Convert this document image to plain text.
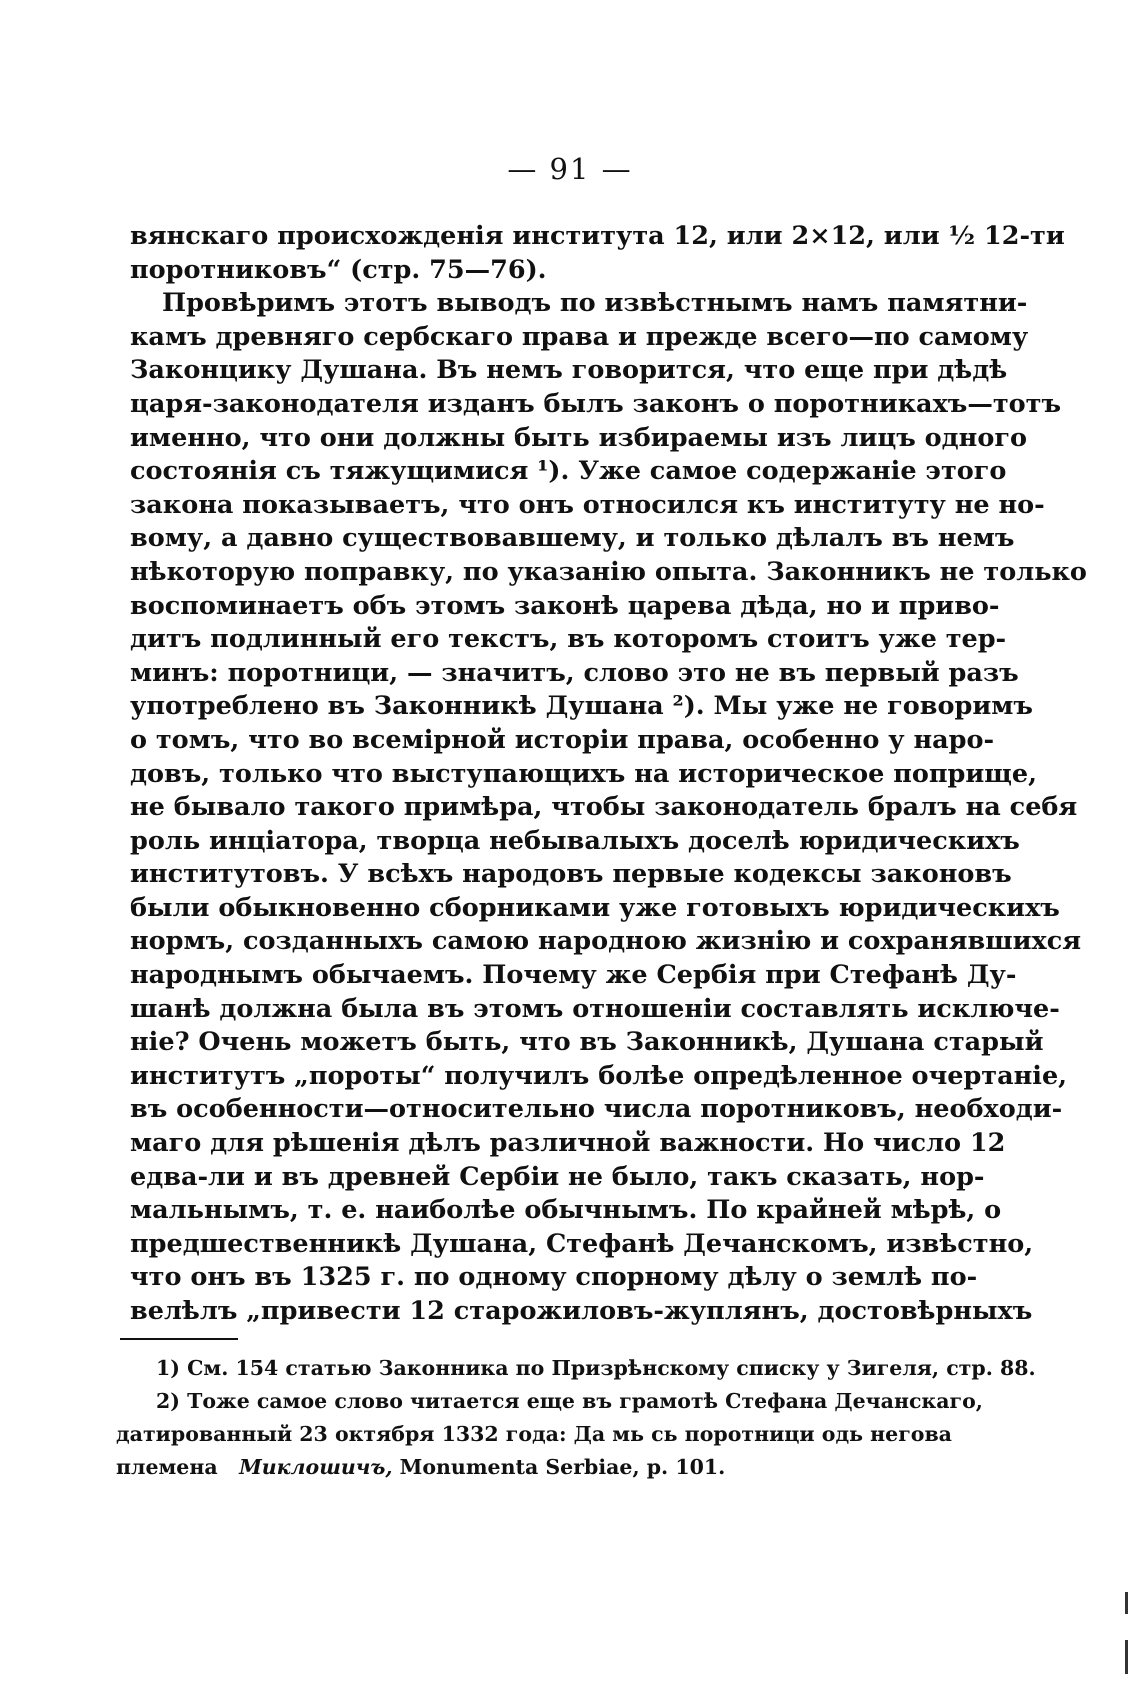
— 91 —
вянскаго происхожденія института 12, или 2×12, или ½ 12-ти
поротниковъ“ (стр. 75—76).
Провѣримъ этотъ выводъ по извѣстнымъ намъ памятни-
камъ древняго сербскаго права и прежде всего—по самому
Законцику Душана. Въ немъ говорится, что еще при дѣдѣ
царя-законодателя изданъ былъ законъ о поротникахъ—тотъ
именно, что они должны быть избираемы изъ лицъ одного
состоянія съ тяжущимися ¹). Уже самое содержаніе этого
закона показываетъ, что онъ относился къ институту не но-
вому, а давно существовавшему, и только дѣлалъ въ немъ
нѣкоторую поправку, по указанію опыта. Законникъ не только
воспоминаетъ объ этомъ законѣ царева дѣда, но и приво-
дитъ подлинный его текстъ, въ которомъ стоитъ уже тер-
минъ: поротници, — значитъ, слово это не въ первый разъ
употреблено въ Законникѣ Душана ²). Мы уже не говоримъ
о томъ, что во всемірной исторіи права, особенно у наро-
довъ, только что выступающихъ на историческое поприще,
не бывало такого примѣра, чтобы законодатель бралъ на себя
роль инціатора, творца небывалыхъ доселѣ юридическихъ
институтовъ. У всѣхъ народовъ первые кодексы законовъ
были обыкновенно сборниками уже готовыхъ юридическихъ
нормъ, созданныхъ самою народною жизнію и сохранявшихся
народнымъ обычаемъ. Почему же Сербія при Стефанѣ Ду-
шанѣ должна была въ этомъ отношеніи составлять исключе-
ніе? Очень можетъ быть, что въ Законникѣ, Душана старый
институтъ „пороты“ получилъ болѣе опредѣленное очертаніе,
въ особенности—относительно числа поротниковъ, необходи-
маго для рѣшенія дѣлъ различной важности. Но число 12
едва-ли и въ древней Сербіи не было, такъ сказать, нор-
мальнымъ, т. е. наиболѣе обычнымъ. По крайней мѣрѣ, о
предшественникѣ Душана, Стефанѣ Дечанскомъ, извѣстно,
что онъ въ 1325 г. по одному спорному дѣлу о землѣ по-
велѣлъ „привести 12 старожиловъ-жуплянъ, достовѣрныхъ
1) См. 154 статью Законника по Призрѣнскому списку у Зигеля, стр. 88.
2) Тоже самое слово читается еще въ грамотѣ Стефана Дечанскаго,
датированный 23 октября 1332 года: Да мь сь поротници одь негова
племена Миклошичъ, Monumenta Serbiae, p. 101.
